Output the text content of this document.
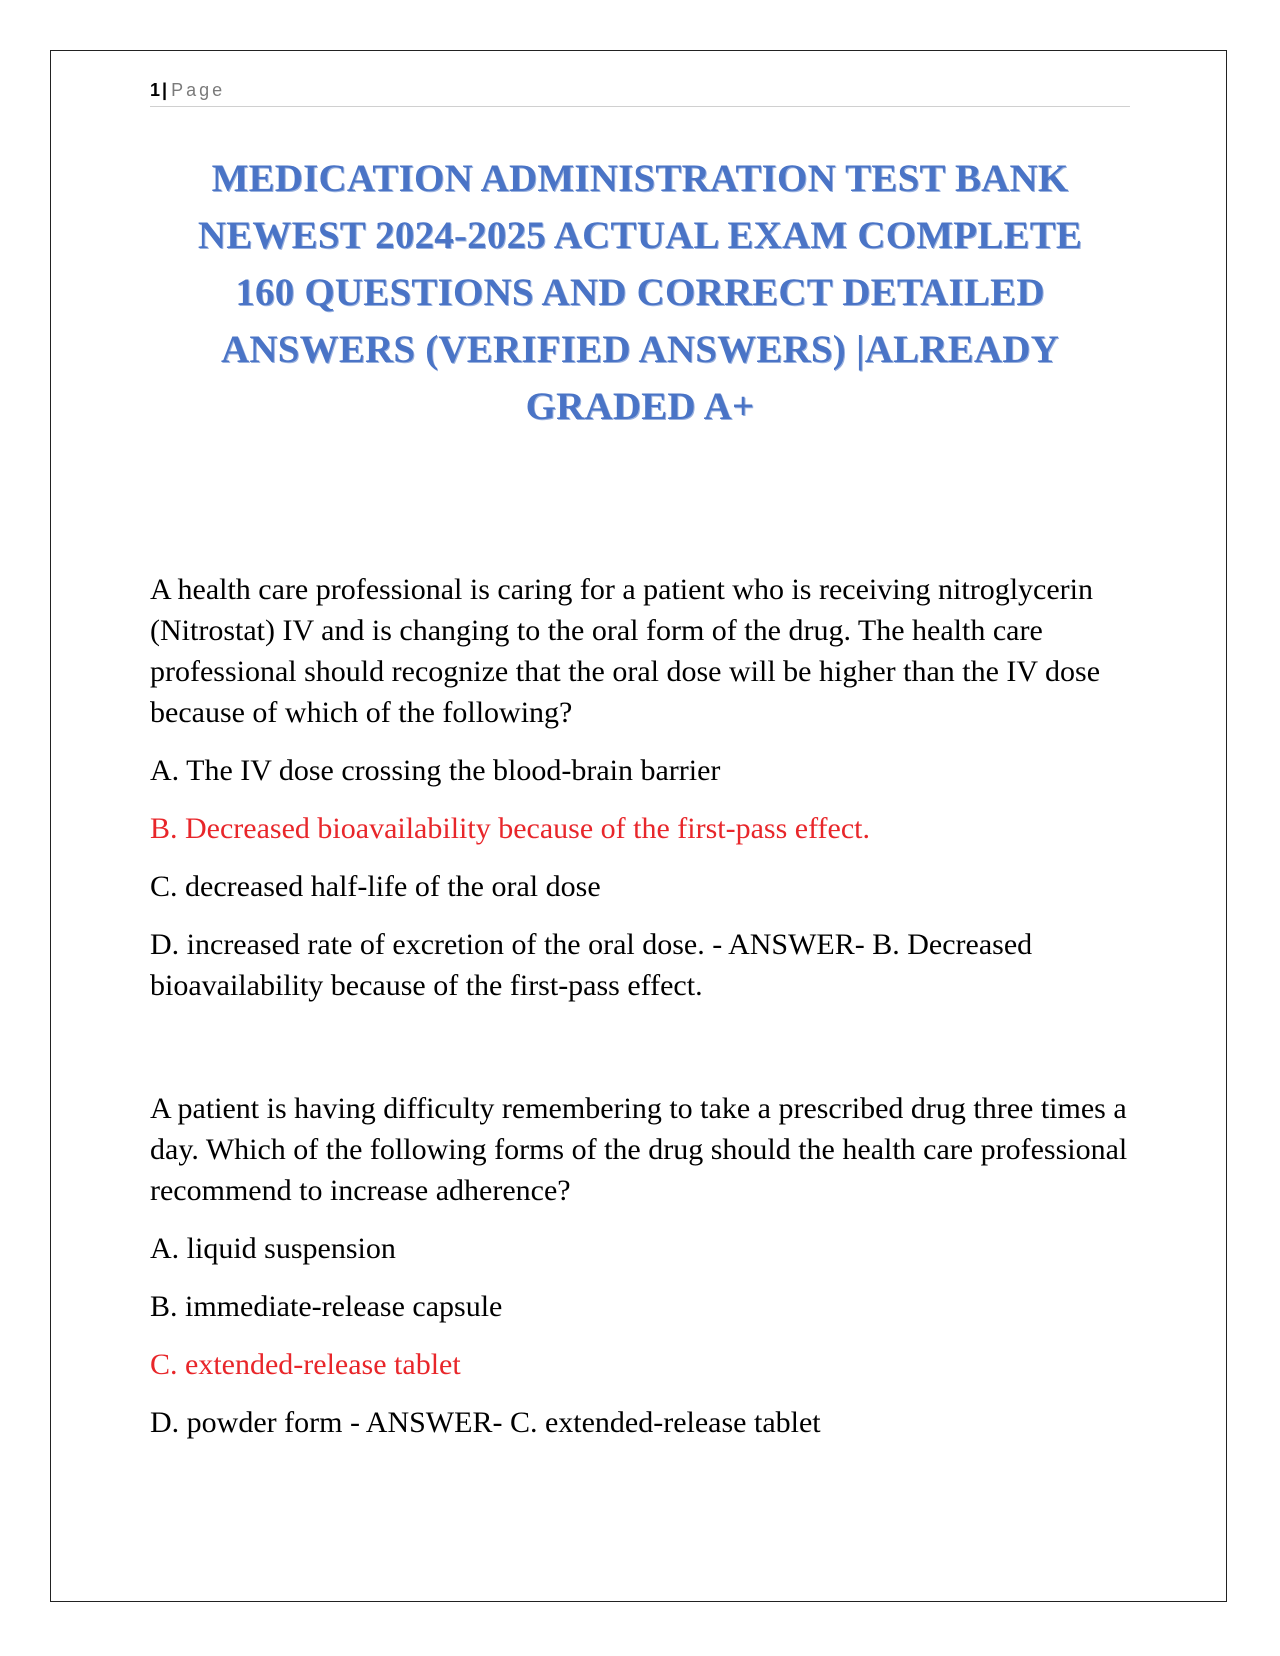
1 | Page
MEDICATION ADMINISTRATION TEST BANK
NEWEST 2024-2025 ACTUAL EXAM COMPLETE
160 QUESTIONS AND CORRECT DETAILED
ANSWERS (VERIFIED ANSWERS) |ALREADY
GRADED A+

A health care professional is caring for a patient who is receiving nitroglycerin (Nitrostat) IV and is changing to the oral form of the drug. The health care professional should recognize that the oral dose will be higher than the IV dose because of which of the following?

A. The IV dose crossing the blood-brain barrier

B. Decreased bioavailability because of the first-pass effect.

C. decreased half-life of the oral dose

D. increased rate of excretion of the oral dose. - ANSWER- B. Decreased bioavailability because of the first-pass effect.

A patient is having difficulty remembering to take a prescribed drug three times a day. Which of the following forms of the drug should the health care professional recommend to increase adherence?

A. liquid suspension

B. immediate-release capsule

C. extended-release tablet

D. powder form - ANSWER- C. extended-release tablet
